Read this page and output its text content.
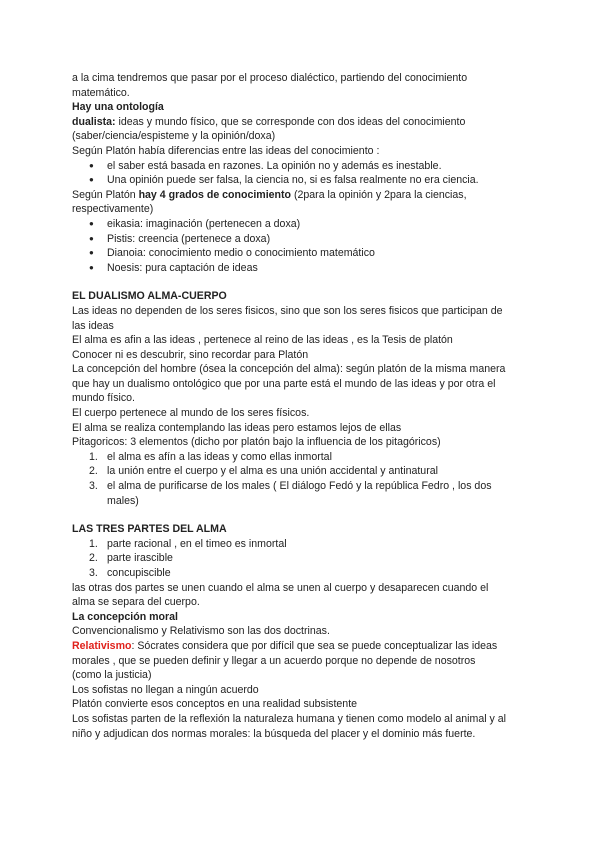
a la cima tendremos que pasar por el proceso dialéctico, partiendo del conocimiento

matemático.

Hay una ontología

dualista: ideas y mundo físico, que se corresponde con dos ideas del conocimiento

(saber/ciencia/espisteme y la opinión/doxa)

Según Platón había diferencias entre las ideas del conocimiento :

● el saber está basada en razones. La opinión no y además es inestable.
● Una opinión puede ser falsa, la ciencia no, si es falsa realmente no era ciencia.

Según Platón hay 4 grados de conocimiento (2para la opinión y 2para la ciencias,

respectivamente)

● eikasia: imaginación (pertenecen a doxa)
● Pistis: creencia (pertenece a doxa)
● Dianoia: conocimiento medio o conocimiento matemático
● Noesis: pura captación de ideas

EL DUALISMO ALMA-CUERPO

Las ideas no dependen de los seres fisicos, sino que son los seres fisicos que participan de

las ideas

El alma es afin a las ideas , pertenece al reino de las ideas , es la Tesis de platón

Conocer ni es descubrir, sino recordar para Platón

La concepción del hombre (ósea la concepción del alma): según platón de la misma manera

que hay un dualismo ontológico que por una parte está el mundo de las ideas y por otra el

mundo físico.

El cuerpo pertenece al mundo de los seres físicos.

El alma se realiza contemplando las ideas pero estamos lejos de ellas

Pitagoricos: 3 elementos (dicho por platón bajo la influencia de los pitagóricos)

1. el alma es afín a las ideas y como ellas inmortal
2. la unión entre el cuerpo y el alma es una unión accidental y antinatural
3. el alma de purificarse de los males ( El diálogo Fedó y la república Fedro , los dos
males)

LAS TRES PARTES DEL ALMA

1. parte racional , en el timeo es inmortal
2. parte irascible
3. concupiscible

las otras dos partes se unen cuando el alma se unen al cuerpo y desaparecen cuando el

alma se separa del cuerpo.

La concepción moral

Convencionalismo y Relativismo son las dos doctrinas.

Relativismo: Sócrates considera que por difícil que sea se puede conceptualizar las ideas

morales , que se pueden definir y llegar a un acuerdo porque no depende de nosotros

(como la justicia)

Los sofistas no llegan a ningún acuerdo

Platón convierte esos conceptos en una realidad subsistente

Los sofistas parten de la reflexión la naturaleza humana y tienen como modelo al animal y al

niño y adjudican dos normas morales: la búsqueda del placer y el dominio más fuerte.
